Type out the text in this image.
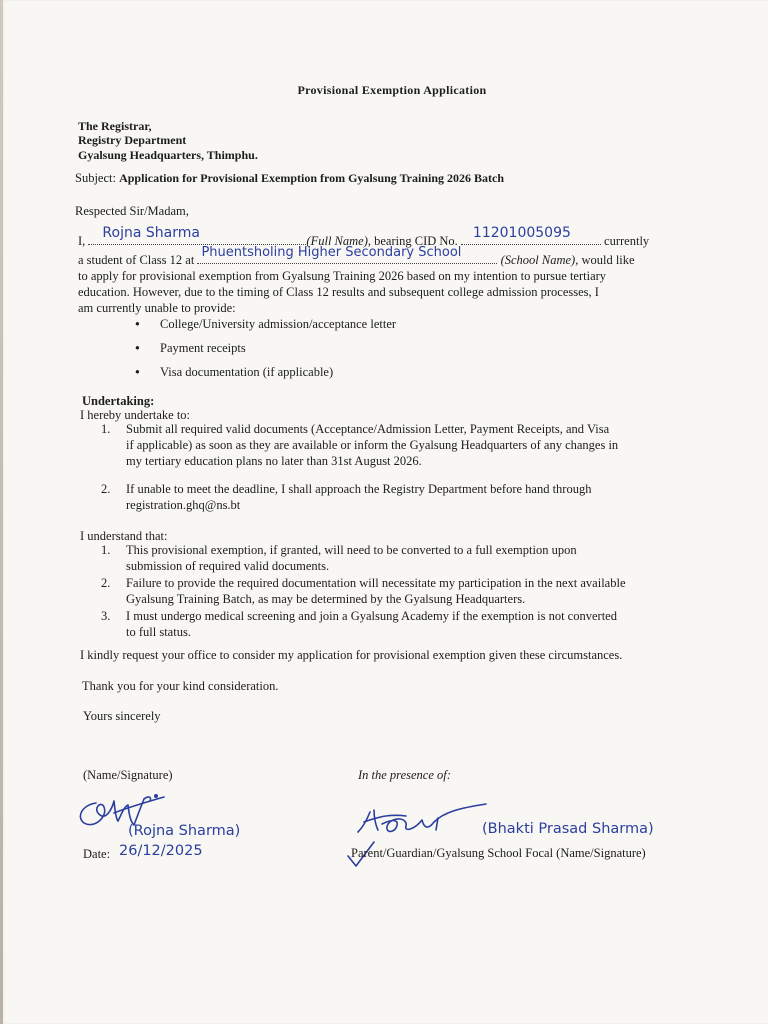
Provisional Exemption Application
The Registrar,
Registry Department
Gyalsung Headquarters, Thimphu.
Subject: Application for Provisional Exemption from Gyalsung Training 2026 Batch
Respected Sir/Madam,
I, Rojna Sharma	(Full Name), bearing CID No. 11201005095	currently
a student of Class 12 at Phuentsholing Higher Secondary School	(School Name), would like
to apply for provisional exemption from Gyalsung Training 2026 based on my intention to pursue tertiary
education. However, due to the timing of Class 12 results and subsequent college admission processes, I
am currently unable to provide:
● College/University admission/acceptance letter
● Payment receipts
● Visa documentation (if applicable)
Undertaking:
I hereby undertake to:
1. Submit all required valid documents (Acceptance/Admission Letter, Payment Receipts, and Visa
if applicable) as soon as they are available or inform the Gyalsung Headquarters of any changes in
my tertiary education plans no later than 31st August 2026.
2. If unable to meet the deadline, I shall approach the Registry Department before hand through
registration.ghq@ns.bt
I understand that:
1. This provisional exemption, if granted, will need to be converted to a full exemption upon
submission of required valid documents.
2. Failure to provide the required documentation will necessitate my participation in the next available
Gyalsung Training Batch, as may be determined by the Gyalsung Headquarters.
3. I must undergo medical screening and join a Gyalsung Academy if the exemption is not converted
to full status.
I kindly request your office to consider my application for provisional exemption given these circumstances.
Thank you for your kind consideration.
Yours sincerely
(Name/Signature)	In the presence of:
(Rojna Sharma)
Date: 26/12/2025
(Bhakti Prasad Sharma)
Parent/Guardian/Gyalsung School Focal (Name/Signature)
